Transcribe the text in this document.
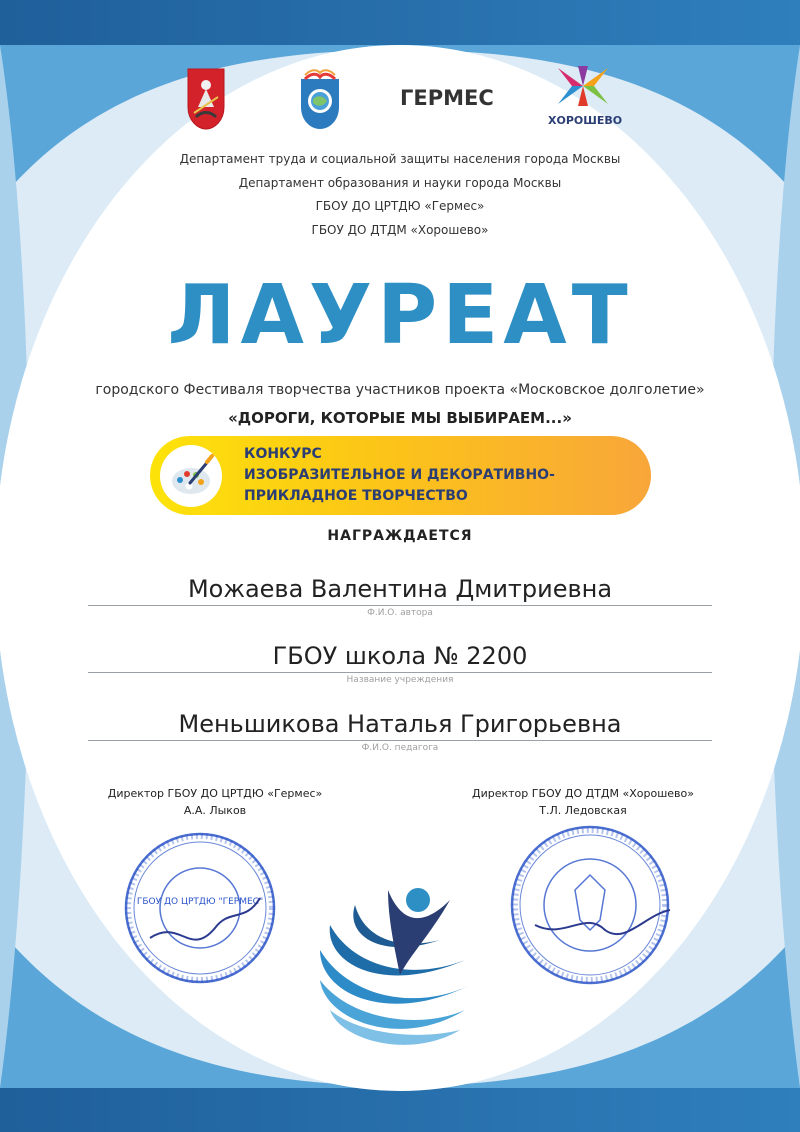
ГЕРМЕС
ХОРОШЕВО
Департамент труда и социальной защиты населения города Москвы
Департамент образования и науки города Москвы
ГБОУ ДО ЦРТДЮ «Гермес»
ГБОУ ДО ДТДМ «Хорошево»
ЛАУРЕАТ
городского Фестиваля творчества участников проекта «Московское долголетие»
«ДОРОГИ, КОТОРЫЕ МЫ ВЫБИРАЕМ...»
КОНКУРС
ИЗОБРАЗИТЕЛЬНОЕ И ДЕКОРАТИВНО-
ПРИКЛАДНОЕ ТВОРЧЕСТВО
НАГРАЖДАЕТСЯ
Можаева Валентина Дмитриевна
Ф.И.О. автора
ГБОУ школа № 2200
Название учреждения
Меньшикова Наталья Григорьевна
Ф.И.О. педагога
Директор ГБОУ ДО ЦРТДЮ «Гермес»
А.А. Лыков
Директор ГБОУ ДО ДТДМ «Хорошево»
Т.Л. Ледовская
ГБОУ ДО ЦРТДЮ "ГЕРМЕС"
